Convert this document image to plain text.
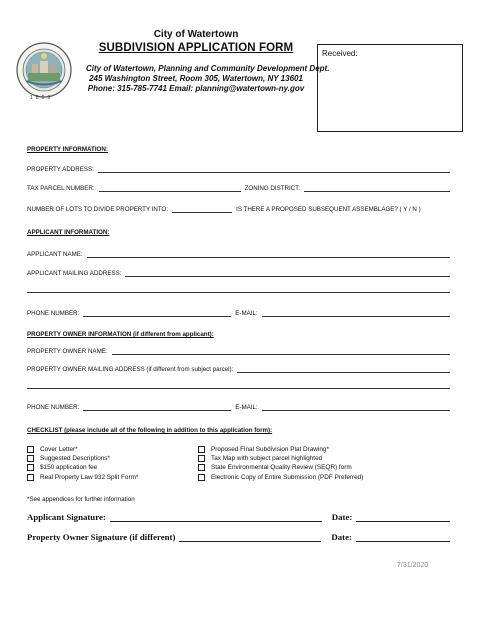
1869
City of Watertown
SUBDIVISION APPLICATION FORM
City of Watertown, Planning and Community Development Dept.
245 Washington Street, Room 305, Watertown, NY 13601
Phone: 315-785-7741 Email: planning@watertown-ny.gov
Received:
PROPERTY INFORMATION:
PROPERTY ADDRESS:
TAX PARCEL NUMBER:	ZONING DISTRICT:
NUMBER OF LOTS TO DIVIDE PROPERTY INTO:	IS THERE A PROPOSED SUBSEQUENT ASSEMBLAGE? ( Y / N )
APPLICANT INFORMATION:
APPLICANT NAME:
APPLICANT MAILING ADDRESS:
PHONE NUMBER:	E-MAIL:
PROPERTY OWNER INFORMATION (if different from applicant):
PROPERTY OWNER NAME:
PROPERTY OWNER MAILING ADDRESS (if different from subject parcel):
PHONE NUMBER:	E-MAIL:
CHECKLIST (please include all of the following in addition to this application form):
Cover Letter*
Suggested Descriptions*
$150 application fee
Real Property Law 932 Split Form*
Proposed Final Subdivision Plat Drawing*
Tax Map with subject parcel highlighted
State Environmental Quality Review (SEQR) form
Electronic Copy of Entire Submission (PDF Preferred)
*See appendices for further information
Applicant Signature:	Date:
Property Owner Signature (if different)	Date:
7/31/2020
